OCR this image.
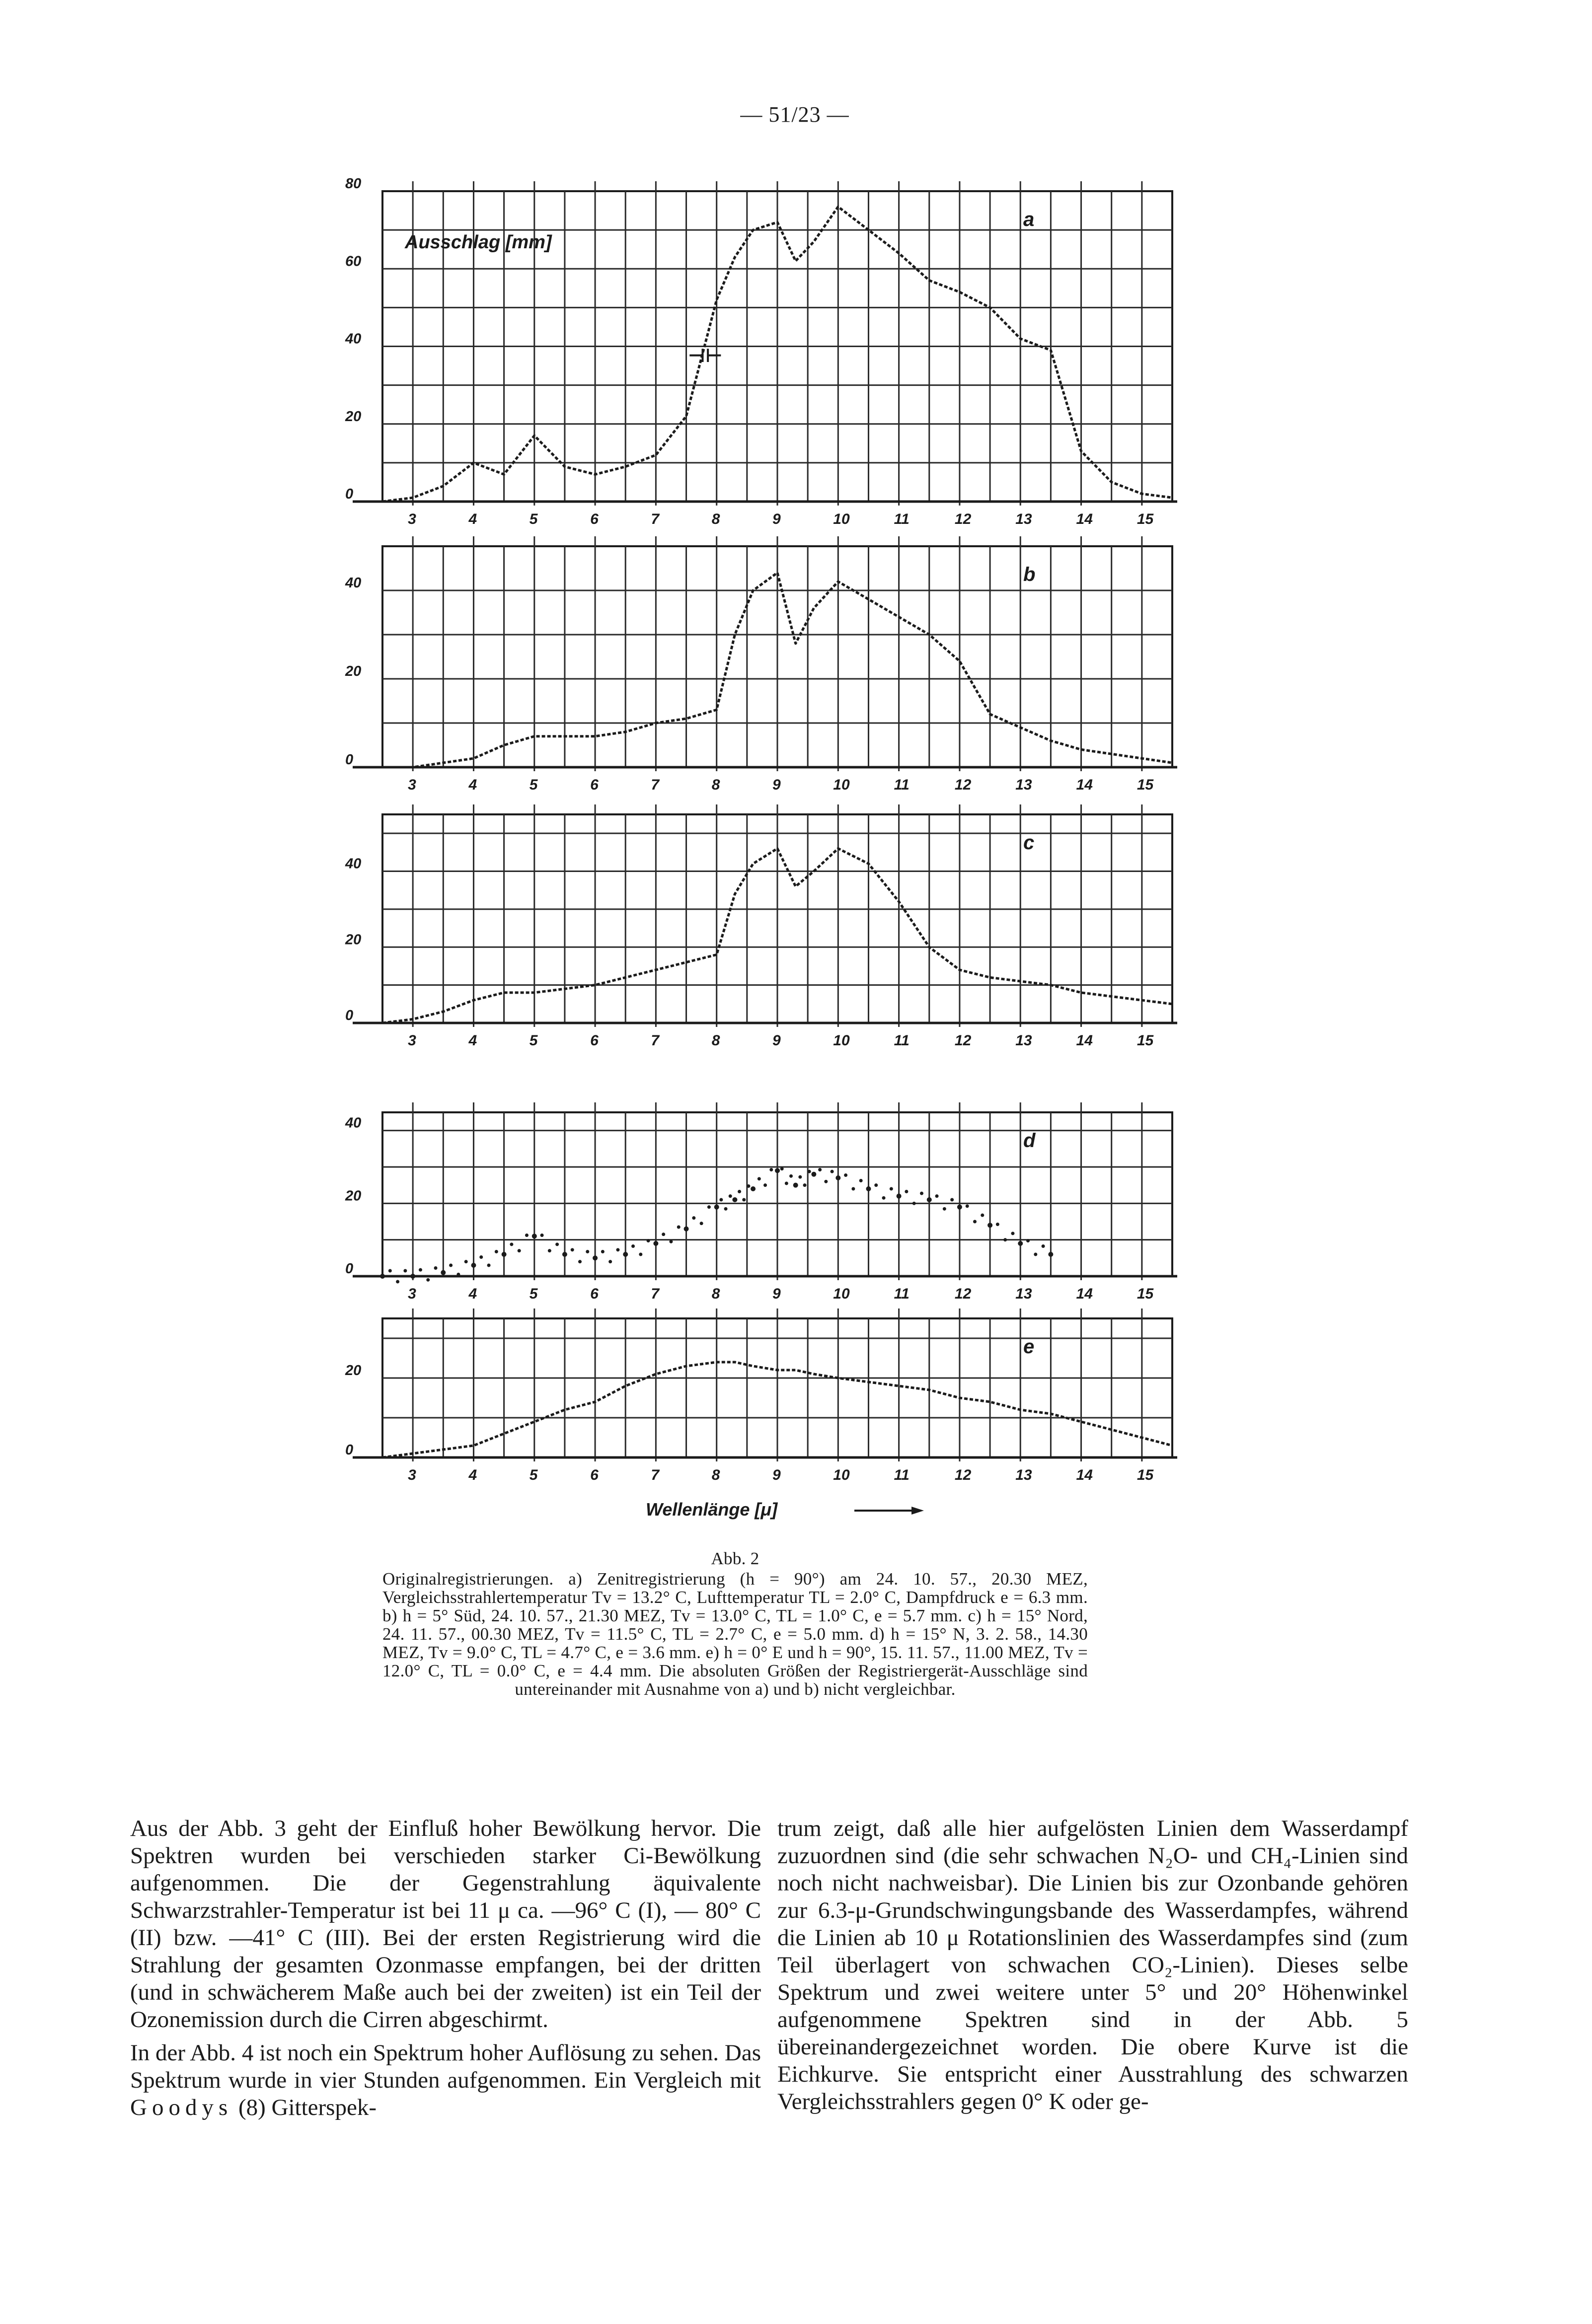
— 51/23 —
3	4	5	6	7	8	9	10	11	12	13	14	15
0
20
40
60
80
a
Ausschlag [mm]
⊣⊢
3	4	5	6	7	8	9	10	11	12	13	14	15
0
20
40	b
3	4	5	6	7	8	9	10	11	12	13	14	15
0
20
40
c
3	4	5	6	7	8	9	10	11	12	13	14	15
0
20
40
d
3	4	5	6	7	8	9	10	11	12	13	14	15
0
20
e
Wellenlänge [μ]
Abb. 2
Originalregistrierungen. a) Zenitregistrierung (h = 90°) am 24. 10. 57., 20.30 MEZ, Vergleichsstrahlertemperatur Tv = 13.2° C, Lufttemperatur TL = 2.0° C, Dampfdruck e = 6.3 mm. b) h = 5° Süd, 24. 10. 57., 21.30 MEZ, Tv = 13.0° C, TL = 1.0° C, e = 5.7 mm. c) h = 15° Nord, 24. 11. 57., 00.30 MEZ, Tv = 11.5° C, TL = 2.7° C, e = 5.0 mm. d) h = 15° N, 3. 2. 58., 14.30 MEZ, Tv = 9.0° C, TL = 4.7° C, e = 3.6 mm. e) h = 0° E und h = 90°, 15. 11. 57., 11.00 MEZ, Tv = 12.0° C, TL = 0.0° C, e = 4.4 mm. Die absoluten Größen der Registriergerät-Ausschläge sind untereinander mit Ausnahme von a) und b) nicht vergleichbar.

Aus der Abb. 3 geht der Einfluß hoher Bewölkung hervor. Die Spektren wurden bei verschieden starker Ci-Bewölkung aufgenommen. Die der Gegenstrahlung äquivalente Schwarzstrahler-Temperatur ist bei 11 μ ca. —96° C (I), — 80° C (II) bzw. —41° C (III). Bei der ersten Registrierung wird die Strahlung der gesamten Ozonmasse empfangen, bei der dritten (und in schwächerem Maße auch bei der zweiten) ist ein Teil der Ozonemission durch die Cirren abgeschirmt.

In der Abb. 4 ist noch ein Spektrum hoher Auflösung zu sehen. Das Spektrum wurde in vier Stunden aufgenommen. Ein Vergleich mit Goodys (8) Gitterspek-

trum zeigt, daß alle hier aufgelösten Linien dem Wasserdampf zuzuordnen sind (die sehr schwachen N₂O- und CH₄-Linien sind noch nicht nachweisbar). Die Linien bis zur Ozonbande gehören zur 6.3-μ-Grundschwingungsbande des Wasserdampfes, während die Linien ab 10 μ Rotationslinien des Wasserdampfes sind (zum Teil überlagert von schwachen CO₂-Linien). Dieses selbe Spektrum und zwei weitere unter 5° und 20° Höhenwinkel aufgenommene Spektren sind in der Abb. 5 übereinandergezeichnet worden. Die obere Kurve ist die Eichkurve. Sie entspricht einer Ausstrahlung des schwarzen Vergleichsstrahlers gegen 0° K oder ge-
